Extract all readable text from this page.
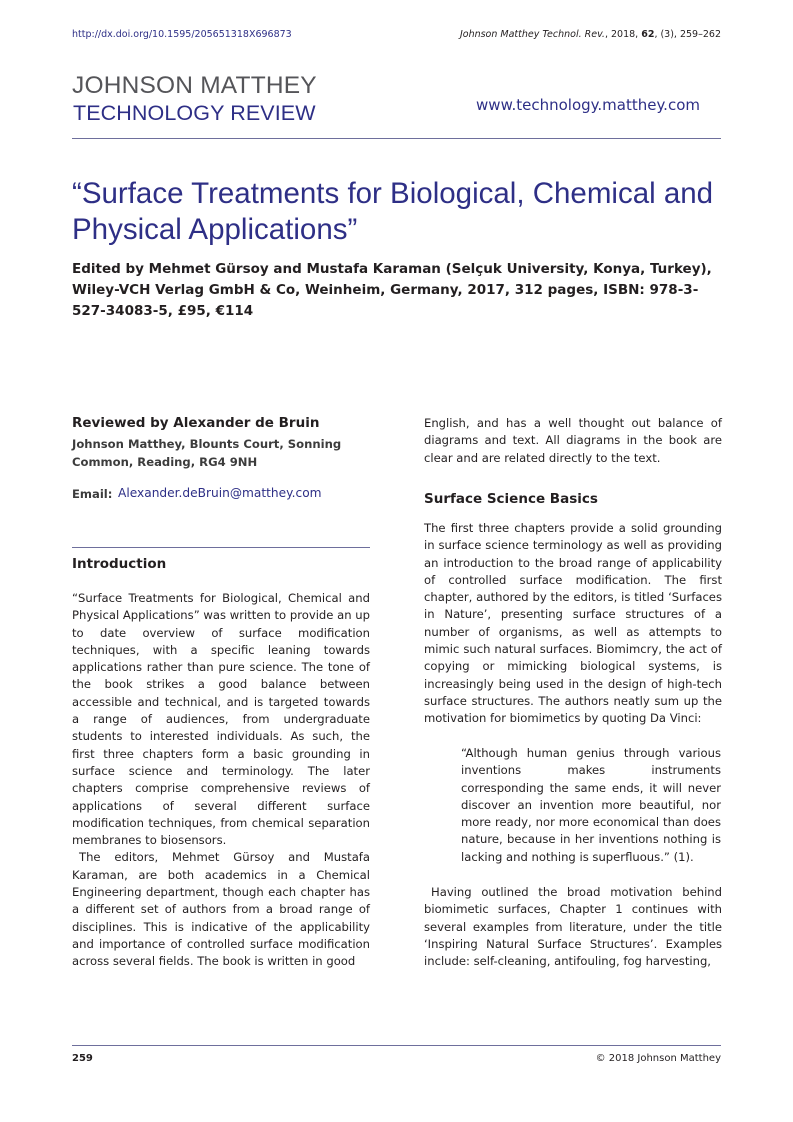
http://dx.doi.org/10.1595/205651318X696873	Johnson Matthey Technol. Rev., 2018, 62, (3), 259–262
JOHNSON MATTHEY
TECHNOLOGY REVIEW	www.technology.matthey.com
“Surface Treatments for Biological, Chemical and Physical Applications”
Edited by Mehmet Gürsoy and Mustafa Karaman (Selçuk University, Konya, Turkey), Wiley-VCH Verlag GmbH & Co, Weinheim, Germany, 2017, 312 pages, ISBN: 978-3-527-34083-5, £95, €114
Reviewed by Alexander de Bruin
Johnson Matthey, Blounts Court, Sonning Common, Reading, RG4 9NH
Email: Alexander.deBruin@matthey.com
Introduction

“Surface Treatments for Biological, Chemical and Physical Applications” was written to provide an up to date overview of surface modification techniques, with a specific leaning towards applications rather than pure science. The tone of the book strikes a good balance between accessible and technical, and is targeted towards a range of audiences, from undergraduate students to interested individuals. As such, the first three chapters form a basic grounding in surface science and terminology. The later chapters comprise comprehensive reviews of applications of several different surface modification techniques, from chemical separation membranes to biosensors.

The editors, Mehmet Gürsoy and Mustafa Karaman, are both academics in a Chemical Engineering department, though each chapter has a different set of authors from a broad range of disciplines. This is indicative of the applicability and importance of controlled surface modification across several fields. The book is written in good

English, and has a well thought out balance of diagrams and text. All diagrams in the book are clear and are related directly to the text.

Surface Science Basics

The first three chapters provide a solid grounding in surface science terminology as well as providing an introduction to the broad range of applicability of controlled surface modification. The first chapter, authored by the editors, is titled ‘Surfaces in Nature’, presenting surface structures of a number of organisms, as well as attempts to mimic such natural surfaces. Biomimcry, the act of copying or mimicking biological systems, is increasingly being used in the design of high-tech surface structures. The authors neatly sum up the motivation for biomimetics by quoting Da Vinci:

“Although human genius through various inventions makes instruments corresponding the same ends, it will never discover an invention more beautiful, nor more ready, nor more economical than does nature, because in her inventions nothing is lacking and nothing is superfluous.” (1).

Having outlined the broad motivation behind biomimetic surfaces, Chapter 1 continues with several examples from literature, under the title ‘Inspiring Natural Surface Structures’. Examples include: self-cleaning, antifouling, fog harvesting,

259	© 2018 Johnson Matthey
